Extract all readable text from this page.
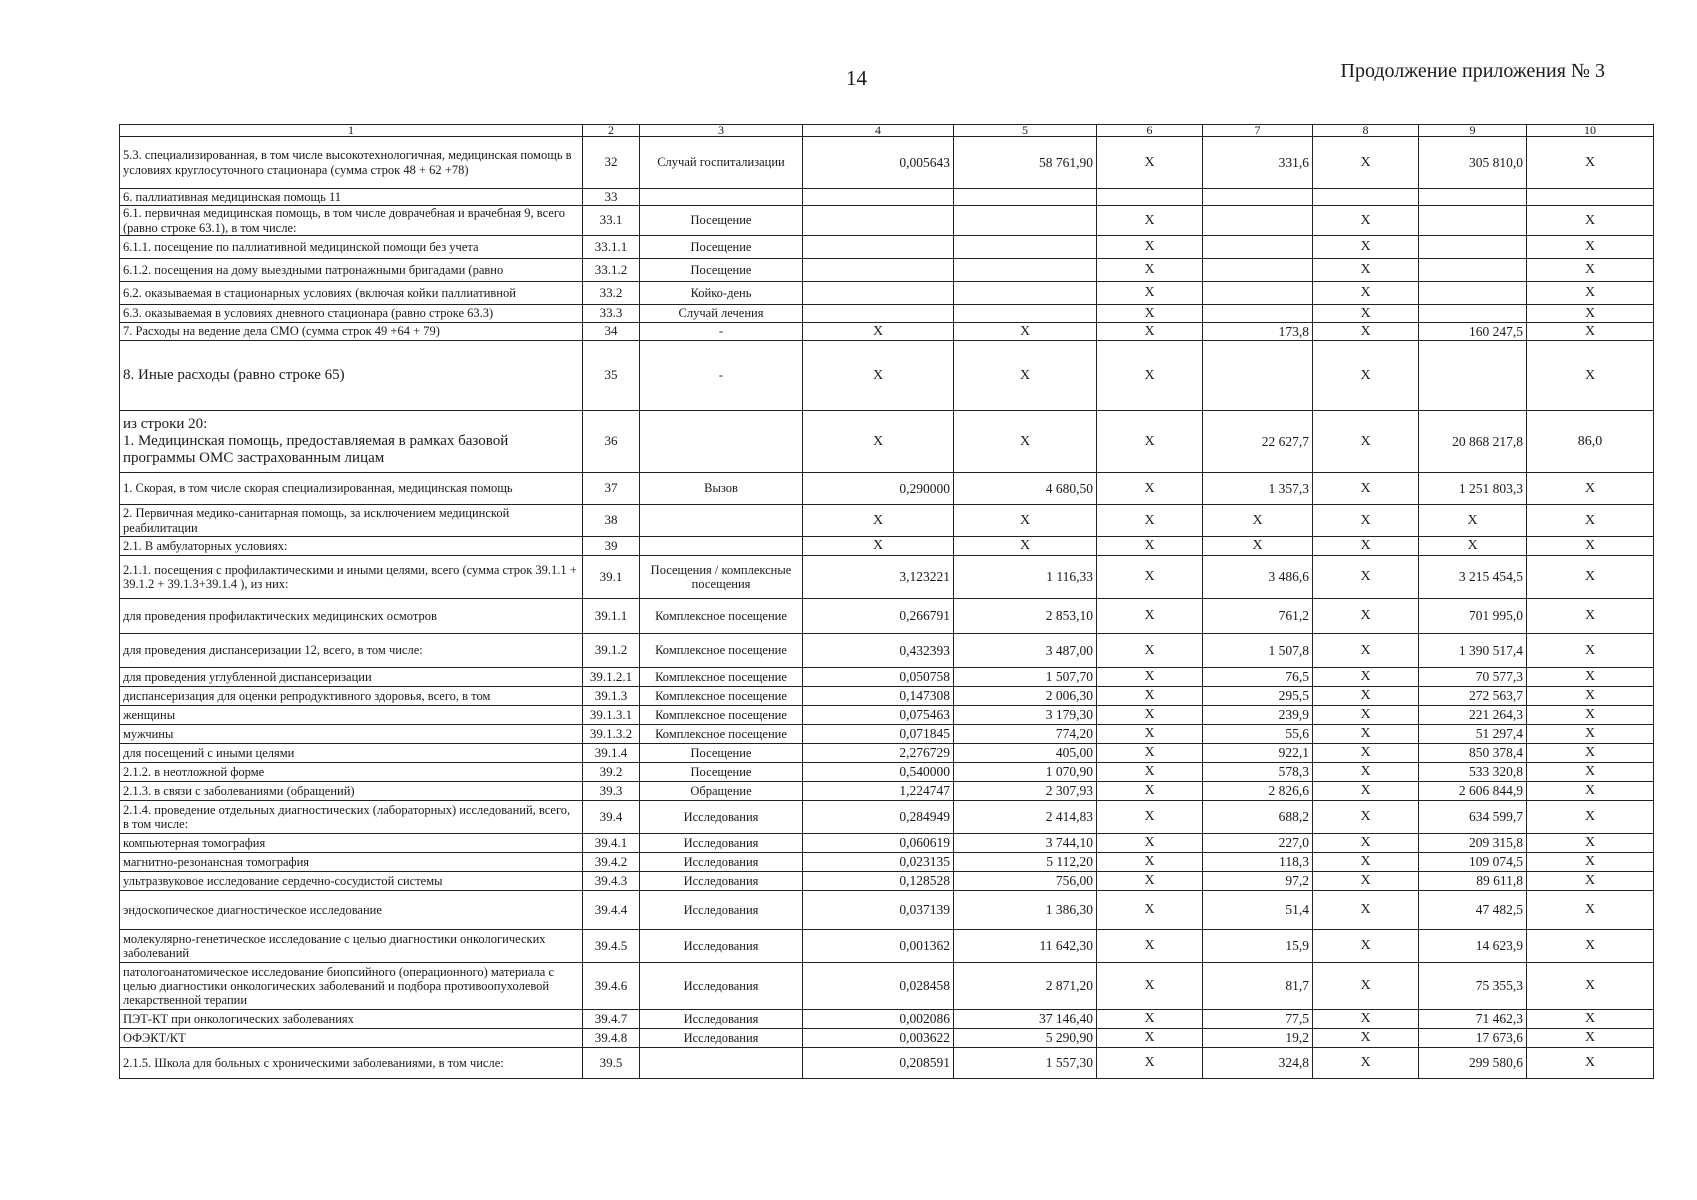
14	Продолжение приложения № 3
1	2	3	4	5	6	7	8	9	10
5.3. специализированная, в том числе высокотехнологичная, медицинская помощь в условиях круглосуточного стационара (сумма строк 48 + 62 +78)	32	Случай госпитализации	0,005643	58 761,90	X	331,6	X	305 810,0	X
6. паллиативная медицинская помощь 11	33								
6.1. первичная медицинская помощь, в том числе доврачебная и врачебная 9, всего (равно строке 63.1), в том числе:	33.1	Посещение			X		X		X
6.1.1. посещение по паллиативной медицинской помощи без учета	33.1.1	Посещение			X		X		X
6.1.2. посещения на дому выездными патронажными бригадами (равно	33.1.2	Посещение			X		X		X
6.2. оказываемая в стационарных условиях (включая койки паллиативной	33.2	Койко-день			X		X		X
6.3. оказываемая в условиях дневного стационара (равно строке 63.3)	33.3	Случай лечения			X		X		X
7. Расходы на ведение дела СМО (сумма строк 49 +64 + 79)	34	-	X	X	X	173,8	X	160 247,5	X
8. Иные расходы (равно строке 65)	35	-	X	X	X		X		X
из строки 20:
1. Медицинская помощь, предоставляемая в рамках базовой программы ОМС застрахованным лицам	36		X	X	X	22 627,7	X	20 868 217,8	86,0
1. Скорая, в том числе скорая специализированная, медицинская помощь	37	Вызов	0,290000	4 680,50	X	1 357,3	X	1 251 803,3	X
2. Первичная медико-санитарная помощь, за исключением медицинской реабилитации	38		X	X	X	X	X	X	X
2.1. В амбулаторных условиях:	39		X	X	X	X	X	X	X
2.1.1. посещения с профилактическими и иными целями, всего (сумма строк 39.1.1 + 39.1.2 + 39.1.3+39.1.4 ), из них:	39.1	Посещения / комплексные посещения	3,123221	1 116,33	X	3 486,6	X	3 215 454,5	X
для проведения профилактических медицинских осмотров	39.1.1	Комплексное посещение	0,266791	2 853,10	X	761,2	X	701 995,0	X
для проведения диспансеризации 12, всего, в том числе:	39.1.2	Комплексное посещение	0,432393	3 487,00	X	1 507,8	X	1 390 517,4	X
для проведения углубленной диспансеризации	39.1.2.1	Комплексное посещение	0,050758	1 507,70	X	76,5	X	70 577,3	X
диспансеризация для оценки репродуктивного здоровья, всего, в том	39.1.3	Комплексное посещение	0,147308	2 006,30	X	295,5	X	272 563,7	X
женщины	39.1.3.1	Комплексное посещение	0,075463	3 179,30	X	239,9	X	221 264,3	X
мужчины	39.1.3.2	Комплексное посещение	0,071845	774,20	X	55,6	X	51 297,4	X
для посещений с иными целями	39.1.4	Посещение	2,276729	405,00	X	922,1	X	850 378,4	X
2.1.2. в неотложной форме	39.2	Посещение	0,540000	1 070,90	X	578,3	X	533 320,8	X
2.1.3. в связи с заболеваниями (обращений)	39.3	Обращение	1,224747	2 307,93	X	2 826,6	X	2 606 844,9	X
2.1.4. проведение отдельных диагностических (лабораторных) исследований, всего, в том числе:	39.4	Исследования	0,284949	2 414,83	X	688,2	X	634 599,7	X
компьютерная томография	39.4.1	Исследования	0,060619	3 744,10	X	227,0	X	209 315,8	X
магнитно-резонансная томография	39.4.2	Исследования	0,023135	5 112,20	X	118,3	X	109 074,5	X
ультразвуковое исследование сердечно-сосудистой системы	39.4.3	Исследования	0,128528	756,00	X	97,2	X	89 611,8	X
эндоскопическое диагностическое исследование	39.4.4	Исследования	0,037139	1 386,30	X	51,4	X	47 482,5	X
молекулярно-генетическое исследование с целью диагностики онкологических заболеваний	39.4.5	Исследования	0,001362	11 642,30	X	15,9	X	14 623,9	X
патологоанатомическое исследование биопсийного (операционного) материала с целью диагностики онкологических заболеваний и подбора противоопухолевой лекарственной терапии	39.4.6	Исследования	0,028458	2 871,20	X	81,7	X	75 355,3	X
ПЭТ-КТ при онкологических заболеваниях	39.4.7	Исследования	0,002086	37 146,40	X	77,5	X	71 462,3	X
ОФЭКТ/КТ	39.4.8	Исследования	0,003622	5 290,90	X	19,2	X	17 673,6	X
2.1.5. Школа для больных с хроническими заболеваниями, в том числе:	39.5		0,208591	1 557,30	X	324,8	X	299 580,6	X
